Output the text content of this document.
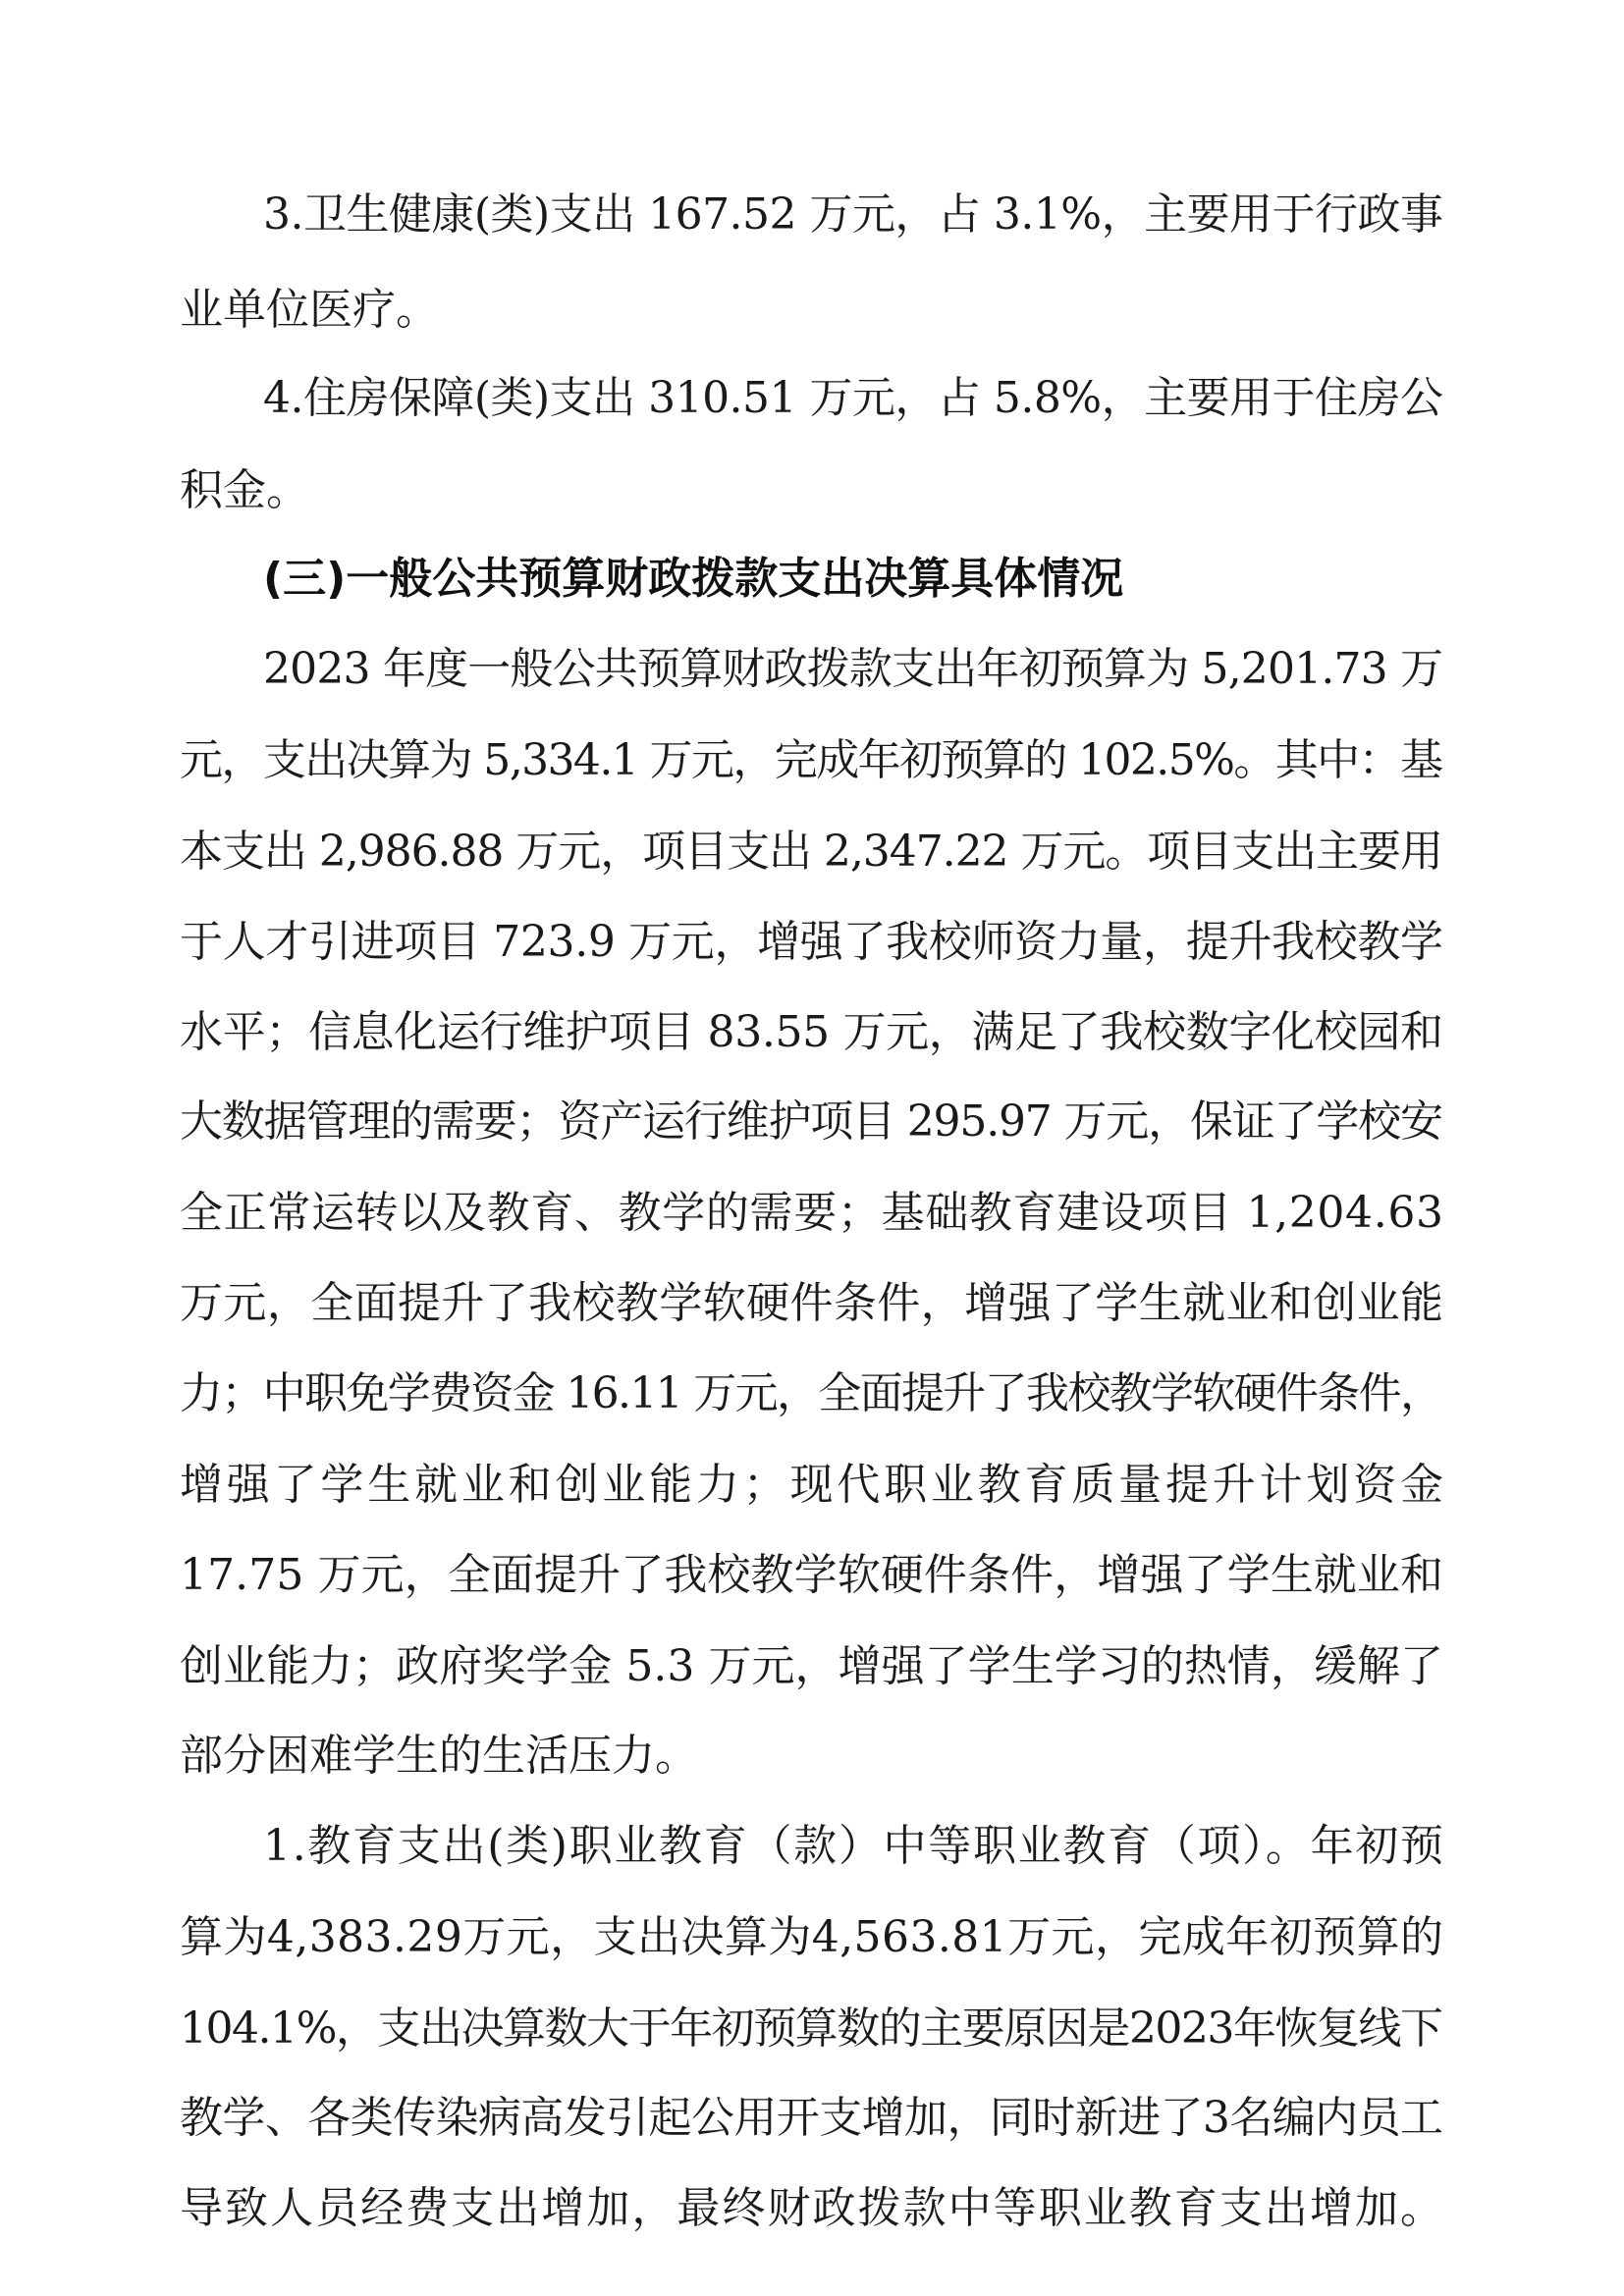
3.卫生健康(类)支出 167.52 万元，占 3.1%，主要用于行政事
业单位医疗。
4.住房保障(类)支出 310.51 万元，占 5.8%，主要用于住房公
积金。
(三)一般公共预算财政拨款支出决算具体情况
2023 年度一般公共预算财政拨款支出年初预算为 5,201.73 万
元，支出决算为 5,334.1 万元，完成年初预算的 102.5%。其中：基
本支出 2,986.88 万元，项目支出 2,347.22 万元。项目支出主要用
于人才引进项目 723.9 万元，增强了我校师资力量，提升我校教学
水平；信息化运行维护项目 83.55 万元，满足了我校数字化校园和
大数据管理的需要；资产运行维护项目 295.97 万元，保证了学校安
全正常运转以及教育、教学的需要；基础教育建设项目 1,204.63
万元，全面提升了我校教学软硬件条件，增强了学生就业和创业能
力；中职免学费资金 16.11 万元，全面提升了我校教学软硬件条件，
增强了学生就业和创业能力；现代职业教育质量提升计划资金
17.75 万元，全面提升了我校教学软硬件条件，增强了学生就业和
创业能力；政府奖学金 5.3 万元，增强了学生学习的热情，缓解了
部分困难学生的生活压力。
1.教育支出(类)职业教育（款）中等职业教育（项）。年初预
算为4,383.29万元，支出决算为4,563.81万元，完成年初预算的
104.1%，支出决算数大于年初预算数的主要原因是2023年恢复线下
教学、各类传染病高发引起公用开支增加，同时新进了3名编内员工
导致人员经费支出增加，最终财政拨款中等职业教育支出增加。
